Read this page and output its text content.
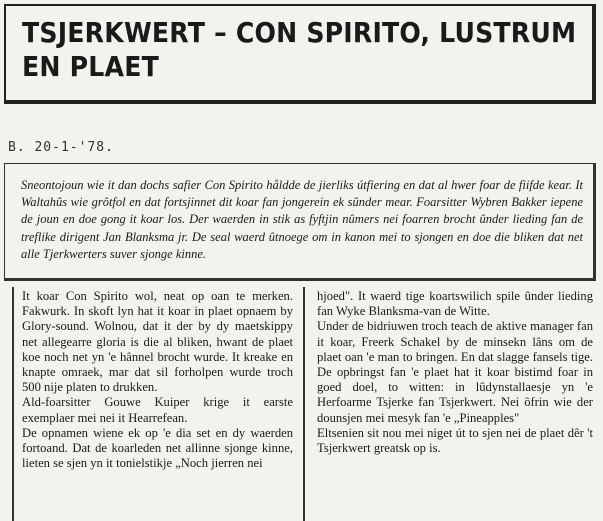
TSJERKWERT – CON SPIRITO, LUSTRUM EN PLAET
B. 20-1-'78.

Sneontojoun wie it dan dochs safier Con Spirito håldde de jierliks útfiering en dat al hwer foar de fiifde kear. It Waltahûs wie grôtfol en dat fortsjinnet dit koar fan jongerein ek sûnder mear. Foarsitter Wybren Bakker iepene de joun en doe gong it koar los. Der waerden in stik as fyftjin nûmers nei foarren brocht ûnder lieding fan de treflike dirigent Jan Blanksma jr. De seal waerd ûtnoege om in kanon mei to sjongen en doe die bliken dat net alle Tjerkwerters suver sjonge kinne.

It koar Con Spirito wol, neat op oan te merken. Fakwurk. In skoft lyn hat it koar in plaet opnaem by Glory-sound. Wolnou, dat it der by dy maetskippy net allegearre gloria is die al bliken, hwant de plaet koe noch net yn 'e hânnel brocht wurde. It kreake en knapte omraek, mar dat sil forholpen wurde troch 500 nije platen to drukken.

Ald-foarsitter Gouwe Kuiper krige it earste exemplaer mei nei it Hearrefean.

De opnamen wiene ek op 'e dia set en dy waerden fortoand. Dat de koarleden net allinne sjonge kinne, lieten se sjen yn it tonielstikje „Noch jierren nei

hjoed". It waerd tige koartswilich spile ûnder lieding fan Wyke Blanksma-van de Witte.

Under de bidriuwen troch teach de aktive manager fan it koar, Freerk Schakel by de minsekn lâns om de plaet oan 'e man to bringen. En dat slagge fansels tige. De opbringst fan 'e plaet hat it koar bistimd foar in goed doel, to witten: in lûdynstallaesje yn 'e Herfoarme Tsjerke fan Tsjerkwert. Nei ôfrin wie der dounsjen mei mesyk fan 'e „Pineapples"

Eltsenien sit nou mei niget út to sjen nei de plaet dêr 't Tsjerkwert greatsk op is.
